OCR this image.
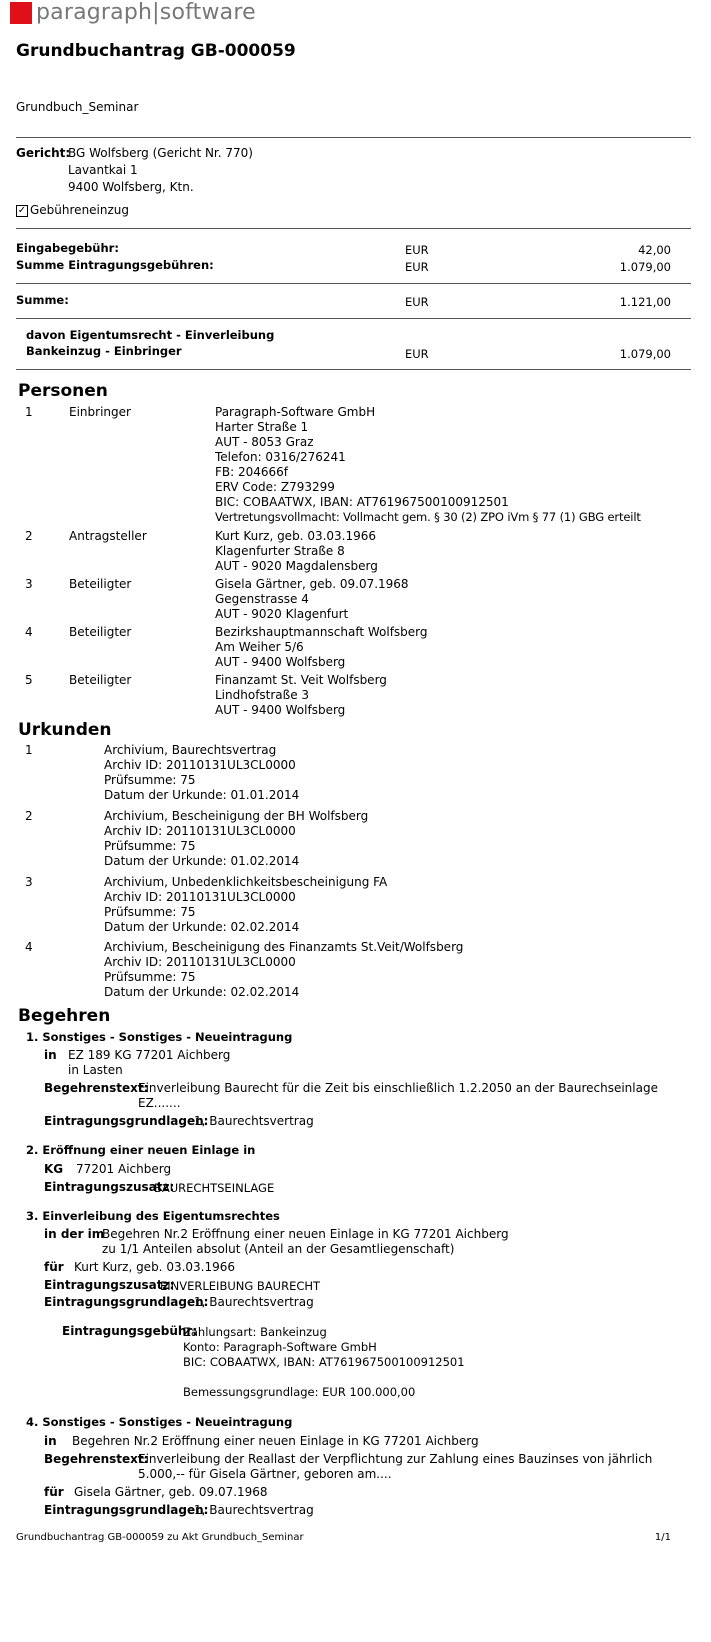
paragraph|software
Grundbuchantrag GB-000059
Grundbuch_Seminar
Gericht:
BG Wolfsberg (Gericht Nr. 770)
Lavantkai 1
9400 Wolfsberg, Ktn.
✓ Gebühreneinzug
Eingabegebühr:	EUR	42,00
Summe Eintragungsgebühren:	EUR	1.079,00
Summe:	EUR	1.121,00
davon Eigentumsrecht - Einverleibung
Bankeinzug - Einbringer	EUR	1.079,00
Personen
1	Einbringer	Paragraph-Software GmbH
Harter Straße 1
AUT - 8053 Graz
Telefon: 0316/276241
FB: 204666f
ERV Code: Z793299
BIC: COBAATWX, IBAN: AT761967500100912501
Vertretungsvollmacht: Vollmacht gem. § 30 (2) ZPO iVm § 77 (1) GBG erteilt
2	Antragsteller	Kurt Kurz, geb. 03.03.1966
Klagenfurter Straße 8
AUT - 9020 Magdalensberg
3	Beteiligter	Gisela Gärtner, geb. 09.07.1968
Gegenstrasse 4
AUT - 9020 Klagenfurt
4	Beteiligter	Bezirkshauptmannschaft Wolfsberg
Am Weiher 5/6
AUT - 9400 Wolfsberg
5	Beteiligter	Finanzamt St. Veit Wolfsberg
Lindhofstraße 3
AUT - 9400 Wolfsberg
Urkunden
1	Archivium, Baurechtsvertrag
Archiv ID: 20110131UL3CL0000
Prüfsumme: 75
Datum der Urkunde: 01.01.2014
2	Archivium, Bescheinigung der BH Wolfsberg
Archiv ID: 20110131UL3CL0000
Prüfsumme: 75
Datum der Urkunde: 01.02.2014
3	Archivium, Unbedenklichkeitsbescheinigung FA
Archiv ID: 20110131UL3CL0000
Prüfsumme: 75
Datum der Urkunde: 02.02.2014
4	Archivium, Bescheinigung des Finanzamts St.Veit/Wolfsberg
Archiv ID: 20110131UL3CL0000
Prüfsumme: 75
Datum der Urkunde: 02.02.2014
Begehren
1. Sonstiges - Sonstiges - Neueintragung
in EZ 189 KG 77201 Aichberg
in Lasten
Begehrenstext:
Einverleibung Baurecht für die Zeit bis einschließlich 1.2.2050 an der Baurechseinlage
EZ.......
Eintragungsgrundlagen:
1, Baurechtsvertrag
2. Eröffnung einer neuen Einlage in
KG 77201 Aichberg
Eintragungszusatz:
BAURECHTSEINLAGE
3. Einverleibung des Eigentumsrechtes
in der im
Begehren Nr.2 Eröffnung einer neuen Einlage in KG 77201 Aichberg
zu 1/1 Anteilen absolut (Anteil an der Gesamtliegenschaft)
für Kurt Kurz, geb. 03.03.1966
Eintragungszusatz:
EINVERLEIBUNG BAURECHT
Eintragungsgrundlagen:
1, Baurechtsvertrag
Eintragungsgebühr:
Zahlungsart: Bankeinzug
Konto: Paragraph-Software GmbH
BIC: COBAATWX, IBAN: AT761967500100912501
Bemessungsgrundlage: EUR 100.000,00
4. Sonstiges - Sonstiges - Neueintragung
in Begehren Nr.2 Eröffnung einer neuen Einlage in KG 77201 Aichberg
Begehrenstext:
Einverleibung der Reallast der Verpflichtung zur Zahlung eines Bauzinses von jährlich
5.000,-- für Gisela Gärtner, geboren am....
für Gisela Gärtner, geb. 09.07.1968
Eintragungsgrundlagen:
1, Baurechtsvertrag
Grundbuchantrag GB-000059 zu Akt Grundbuch_Seminar	1/1
